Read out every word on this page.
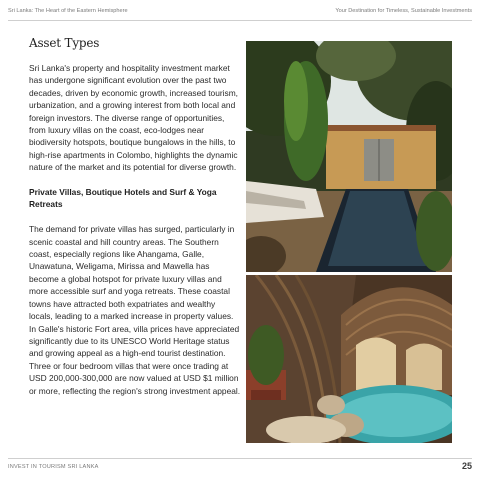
Sri Lanka: The Heart of the Eastern Hemisphere	Your Destination for Timeless, Sustainable Investments
Asset Types

Sri Lanka's property and hospitality investment market has undergone significant evolution over the past two decades, driven by economic growth, increased tourism, urbanization, and a growing interest from both local and foreign investors. The diverse range of opportunities, from luxury villas on the coast, eco-lodges near biodiversity hotspots, boutique bungalows in the hills, to high-rise apartments in Colombo, highlights the dynamic nature of the market and its potential for diverse growth.

Private Villas, Boutique Hotels and Surf & Yoga Retreats

The demand for private villas has surged, particularly in scenic coastal and hill country areas. The Southern coast, especially regions like Ahangama, Galle, Unawatuna, Weligama, Mirissa and Mawella has become a global hotspot for private luxury villas and more accessible surf and yoga retreats. These coastal towns have attracted both expatriates and wealthy locals, leading to a marked increase in property values. In Galle's historic Fort area, villa prices have appreciated significantly due to its UNESCO World Heritage status and growing appeal as a high-end tourist destination. Three or four bedroom villas that were once trading at USD 200,000-300,000 are now valued at USD $1 million or more, reflecting the region's strong investment appeal.

INVEST IN TOURISM SRI LANKA	25
